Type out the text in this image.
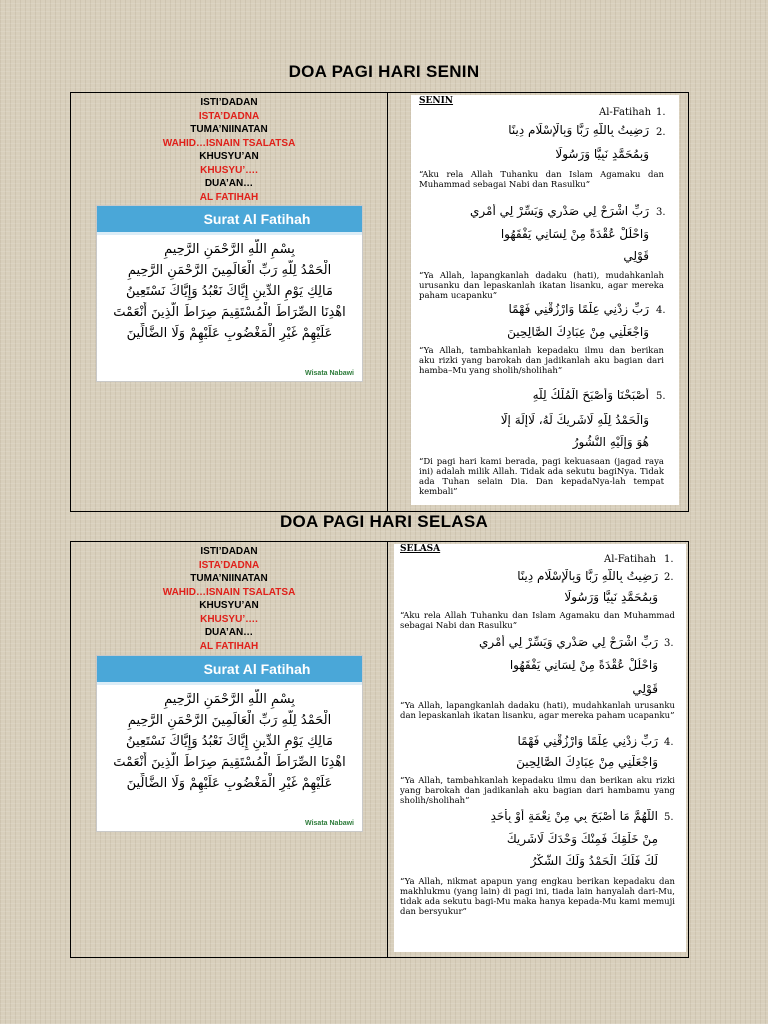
DOA PAGI HARI SENIN
ISTI’DADAN
ISTA’DADNA
TUMA’NIINATAN
WAHID…ISNAIN TSALATSA
KHUSYU’AN
KHUSYU’….
DUA’AN…
AL FATIHAH
Surat Al Fatihah
بِسْمِ اللَّهِ الرَّحْمَنِ الرَّحِيمِ
الْحَمْدُ لِلَّهِ رَبِّ الْعَالَمِينَ الرَّحْمَنِ الرَّحِيمِ
مَالِكِ يَوْمِ الدِّينِ إِيَّاكَ نَعْبُدُ وَإِيَّاكَ نَسْتَعِينُ
اهْدِنَا الصِّرَاطَ الْمُسْتَقِيمَ صِرَاطَ الَّذِينَ أَنْعَمْتَ
عَلَيْهِمْ غَيْرِ الْمَغْضُوبِ عَلَيْهِمْ وَلَا الضَّالِّينَ
Wisata Nabawi
SENIN
1.
Al-Fatihah
2.
رَضِيتُ بِاللَّهِ رَبًّا وَبِالْإِسْلَامِ دِينًا
وَبِمُحَمَّدٍ نَبِيًّا وَرَسُولًا
“Aku rela Allah Tuhanku dan Islam Agamaku dan Muhammad sebagai Nabi dan Rasulku”
3.
رَبِّ اشْرَحْ لِي صَدْرِي وَيَسِّرْ لِي أَمْرِي
وَاحْلُلْ عُقْدَةً مِنْ لِسَانِي يَفْقَهُوا
قَوْلِي
“Ya Allah, lapangkanlah dadaku (hati), mudahkanlah urusanku dan lepaskanlah ikatan lisanku, agar mereka paham ucapanku”
4.
رَبِّ زِدْنِي عِلْمًا وَارْزُقْنِي فَهْمًا
وَاجْعَلْنِي مِنْ عِبَادِكَ الصَّالِحِينَ
“Ya Allah, tambahkanlah kepadaku ilmu dan berikan aku rizki yang barokah dan jadikanlah aku bagian dari hamba–Mu yang sholih/sholihah”
5.
أَصْبَحْنَا وَأَصْبَحَ الْمُلْكُ لِلَّهِ
وَالْحَمْدُ لِلَّهِ لَاشَرِيكَ لَهُ، لَاإِلَهَ إِلَّا
هُوَ وَإِلَيْهِ النُّشُورُ
“Di pagi hari kami berada, pagi kekuasaan (jagad raya ini) adalah milik Allah. Tidak ada sekutu bagiNya. Tidak ada Tuhan selain Dia. Dan kepadaNya-lah tempat kembali”
DOA PAGI HARI SELASA
ISTI’DADAN
ISTA’DADNA
TUMA’NIINATAN
WAHID…ISNAIN TSALATSA
KHUSYU’AN
KHUSYU’….
DUA’AN…
AL FATIHAH
Surat Al Fatihah
بِسْمِ اللَّهِ الرَّحْمَنِ الرَّحِيمِ
الْحَمْدُ لِلَّهِ رَبِّ الْعَالَمِينَ الرَّحْمَنِ الرَّحِيمِ
مَالِكِ يَوْمِ الدِّينِ إِيَّاكَ نَعْبُدُ وَإِيَّاكَ نَسْتَعِينُ
اهْدِنَا الصِّرَاطَ الْمُسْتَقِيمَ صِرَاطَ الَّذِينَ أَنْعَمْتَ
عَلَيْهِمْ غَيْرِ الْمَغْضُوبِ عَلَيْهِمْ وَلَا الضَّالِّينَ
Wisata Nabawi
SELASA
1.
Al-Fatihah
2.
رَضِيتُ بِاللَّهِ رَبًّا وَبِالْإِسْلَامِ دِينًا
وَبِمُحَمَّدٍ نَبِيًّا وَرَسُولًا
“Aku rela Allah Tuhanku dan Islam Agamaku dan Muhammad sebagai Nabi dan Rasulku”
3.
رَبِّ اشْرَحْ لِي صَدْرِي وَيَسِّرْ لِي أَمْرِي
وَاحْلُلْ عُقْدَةً مِنْ لِسَانِي يَفْقَهُوا
قَوْلِي
“Ya Allah, lapangkanlah dadaku (hati), mudahkanlah urusanku dan lepaskanlah ikatan lisanku, agar mereka paham ucapanku”
4.
رَبِّ زِدْنِي عِلْمًا وَارْزُقْنِي فَهْمًا
وَاجْعَلْنِي مِنْ عِبَادِكَ الصَّالِحِينَ
“Ya Allah, tambahkanlah kepadaku ilmu dan berikan aku rizki yang barokah dan jadikanlah aku bagian dari hambamu yang sholih/sholihah”
5.
اللَّهُمَّ مَا أَصْبَحَ بِي مِنْ نِعْمَةٍ أَوْ بِأَحَدٍ
مِنْ خَلْقِكَ فَمِنْكَ وَحْدَكَ لَاشَرِيكَ
لَكَ فَلَكَ الْحَمْدُ وَلَكَ الشُّكْرُ
“Ya Allah, nikmat apapun yang engkau berikan kepadaku dan makhlukmu (yang lain) di pagi ini, tiada lain hanyalah dari-Mu, tidak ada sekutu bagi-Mu maka hanya kepada-Mu kami memuji dan bersyukur”
